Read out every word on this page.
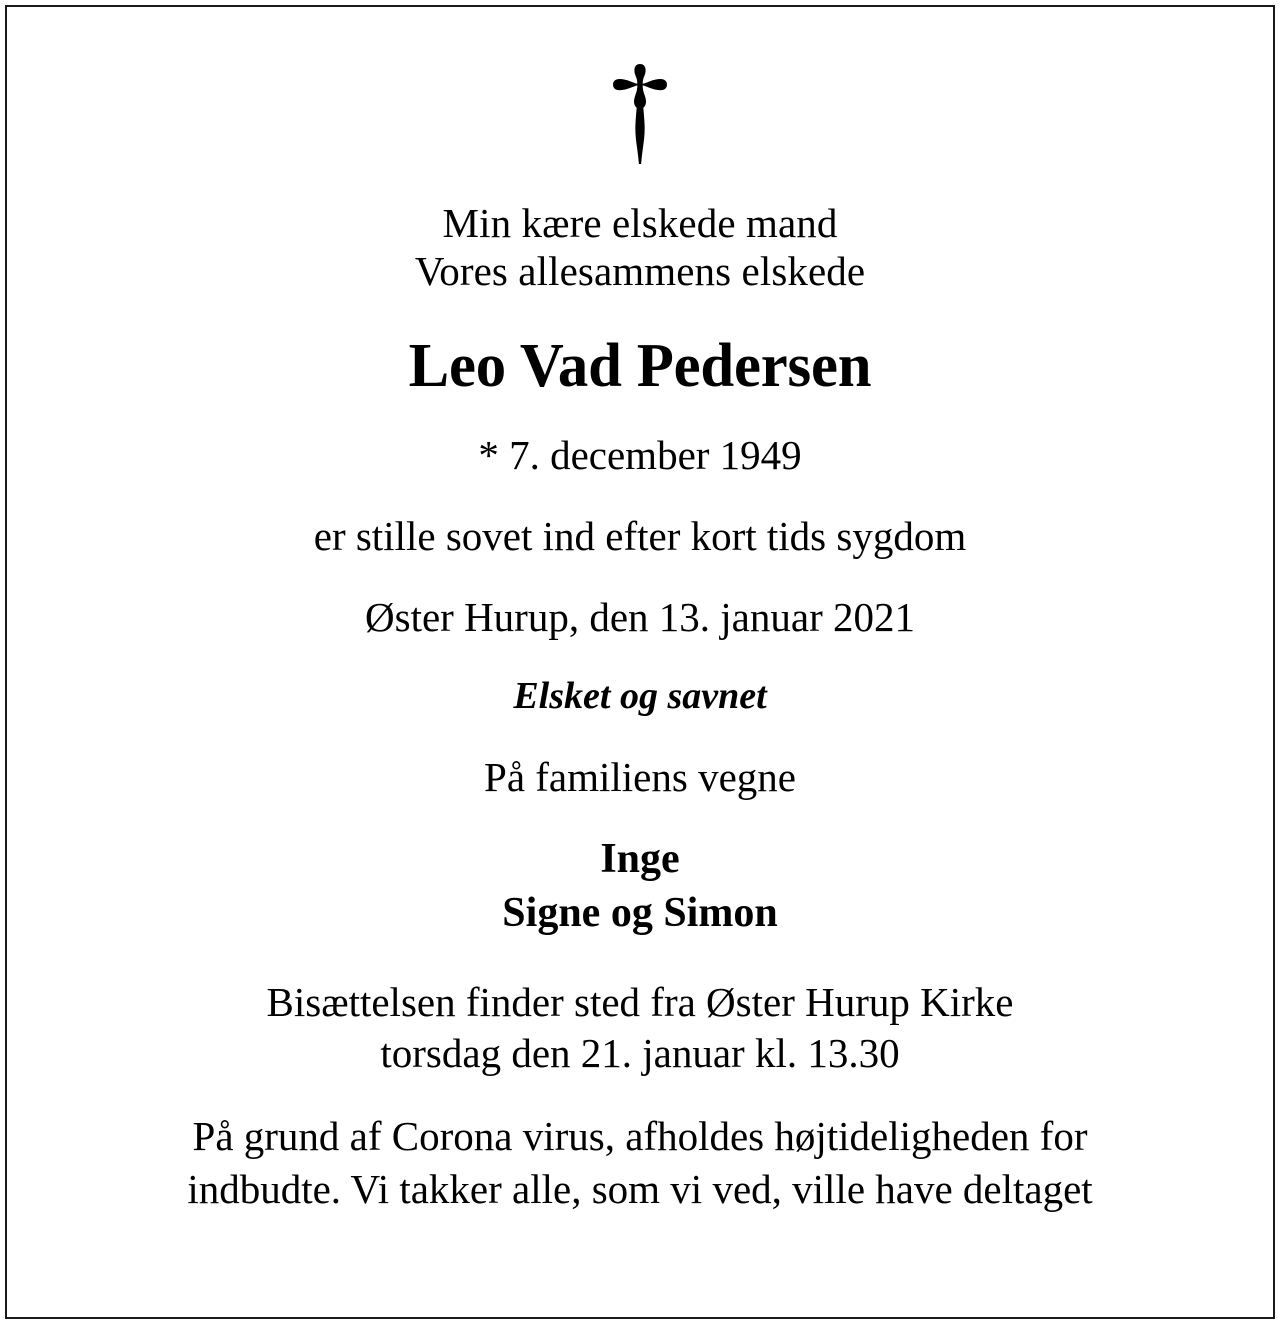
Min kære elskede mand
Vores allesammens elskede
Leo Vad Pedersen
* 7. december 1949
er stille sovet ind efter kort tids sygdom
Øster Hurup, den 13. januar 2021
Elsket og savnet
På familiens vegne
Inge
Signe og Simon
Bisættelsen finder sted fra Øster Hurup Kirke
torsdag den 21. januar kl. 13.30
På grund af Corona virus, afholdes højtideligheden for
indbudte. Vi takker alle, som vi ved, ville have deltaget
